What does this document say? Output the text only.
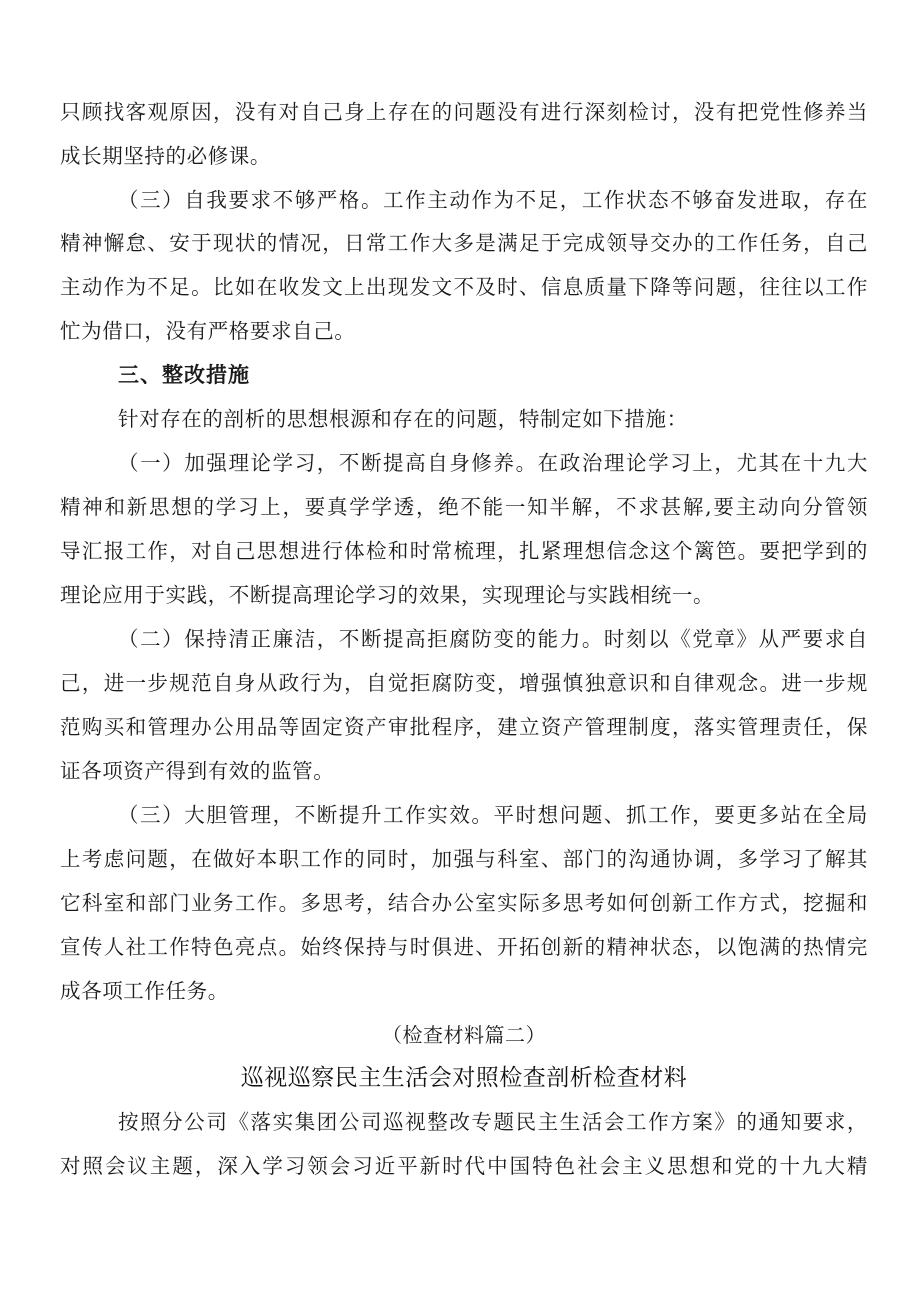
只顾找客观原因，没有对自己身上存在的问题没有进行深刻检讨，没有把党性修养当
成长期坚持的必修课。
（三）自我要求不够严格。工作主动作为不足，工作状态不够奋发进取，存在
精神懈怠、安于现状的情况，日常工作大多是满足于完成领导交办的工作任务，自己
主动作为不足。比如在收发文上出现发文不及时、信息质量下降等问题，往往以工作
忙为借口，没有严格要求自己。
三、整改措施
针对存在的剖析的思想根源和存在的问题，特制定如下措施：
（一）加强理论学习，不断提高自身修养。在政治理论学习上，尤其在十九大
精神和新思想的学习上，要真学学透，绝不能一知半解，不求甚解,要主动向分管领
导汇报工作，对自己思想进行体检和时常梳理，扎紧理想信念这个篱笆。要把学到的
理论应用于实践，不断提高理论学习的效果，实现理论与实践相统一。
（二）保持清正廉洁，不断提高拒腐防变的能力。时刻以《党章》从严要求自
己，进一步规范自身从政行为，自觉拒腐防变，增强慎独意识和自律观念。进一步规
范购买和管理办公用品等固定资产审批程序，建立资产管理制度，落实管理责任，保
证各项资产得到有效的监管。
（三）大胆管理，不断提升工作实效。平时想问题、抓工作，要更多站在全局
上考虑问题，在做好本职工作的同时，加强与科室、部门的沟通协调，多学习了解其
它科室和部门业务工作。多思考，结合办公室实际多思考如何创新工作方式，挖掘和
宣传人社工作特色亮点。始终保持与时俱进、开拓创新的精神状态，以饱满的热情完
成各项工作任务。
（检查材料篇二）
巡视巡察民主生活会对照检查剖析检查材料
按照分公司《落实集团公司巡视整改专题民主生活会工作方案》的通知要求，
对照会议主题，深入学习领会习近平新时代中国特色社会主义思想和党的十九大精
